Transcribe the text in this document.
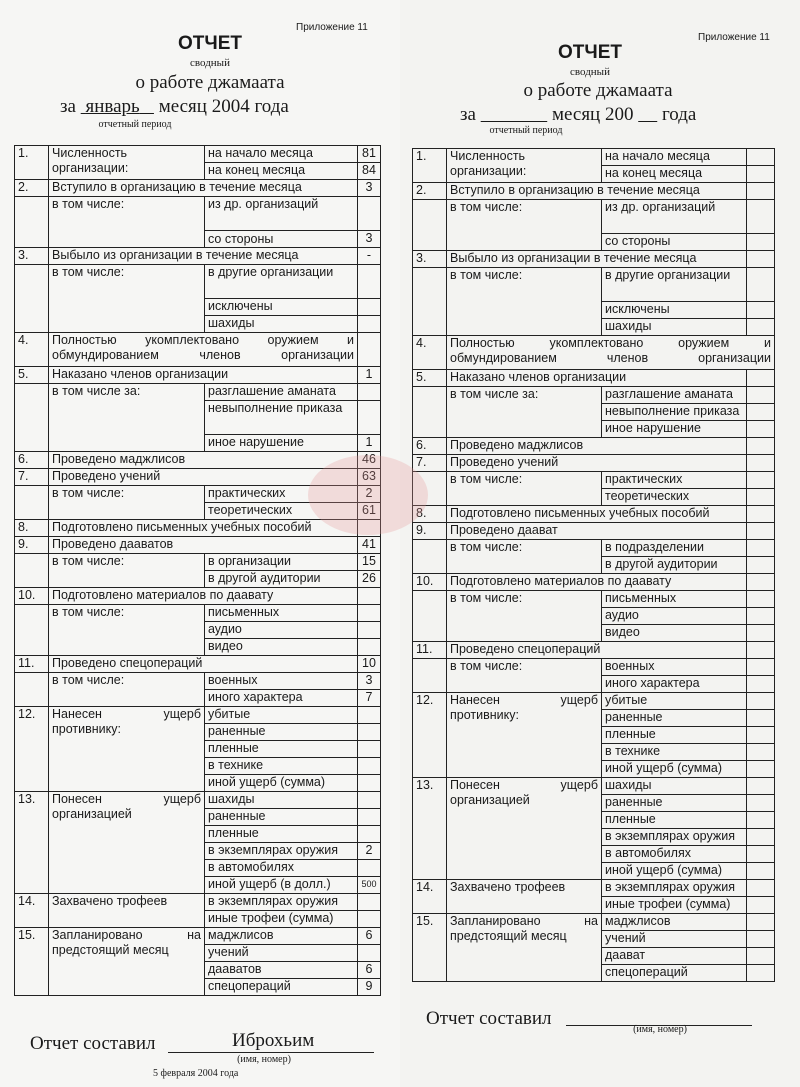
Приложение 11
ОТЧЕТ
сводный
о работе джамаата
за январь месяц 2004 года
отчетный период
1.	Численность организации:	на начало месяца	81
		на конец месяца	84
2.	Вступило в организацию в течение месяца		3
	в том числе:	из др. организаций	
		со стороны	3
3.	Выбыло из организации в течение месяца		-
	в том числе:	в другие организации	
		исключены	
		шахиды	
4.	Полностью укомплектовано оружием и обмундированием членов организации		
5.	Наказано членов организации		1
	в том числе за:	разглашение аманата	
		невыполнение приказа	
		иное нарушение	1
6.	Проведено маджлисов		46
7.	Проведено учений		63
	в том числе:	практических	2
		теоретических	61
8.	Подготовлено письменных учебных пособий		
9.	Проведено дааватов		41
	в том числе:	в организации	15
		в другой аудитории	26
10.	Подготовлено материалов по даавату		
	в том числе:	письменных	
		аудио	
		видео	
11.	Проведено спецопераций		10
	в том числе:	военных	3
		иного характера	7
12.	Нанесен ущерб
противнику:	убитые	
		раненные	
		пленные	
		в технике	
		иной ущерб (сумма)	
13.	Понесен ущерб
организацией	шахиды	
		раненные	
		пленные	
		в экземплярах оружия	2
		в автомобилях	
		иной ущерб (в долл.)	500
14.	Захвачено трофеев	в экземплярах оружия	
		иные трофеи (сумма)	
15.	Запланировано на
предстоящий месяц	маджлисов	6
		учений	
		дааватов	6
		спецопераций	9
Отчет составил	Иброхьим
(имя, номер)
5 февраля 2004 года
Приложение 11
ОТЧЕТ
сводный
о работе джамаата
за	месяц 200 года
отчетный период
1.	Численность организации:	на начало месяца	
		на конец месяца	
2.	Вступило в организацию в течение месяца		
	в том числе:	из др. организаций	
		со стороны	
3.	Выбыло из организации в течение месяца		
	в том числе:	в другие организации	
		исключены	
		шахиды	
4.	Полностью укомплектовано оружием и обмундированием членов организации		
5.	Наказано членов организации		
	в том числе за:	разглашение аманата	
		невыполнение приказа	
		иное нарушение	
6.	Проведено маджлисов		
7.	Проведено учений		
	в том числе:	практических	
		теоретических	
8.	Подготовлено письменных учебных пособий		
9.	Проведено даават		
	в том числе:	в подразделении	
		в другой аудитории	
10.	Подготовлено материалов по даавату		
	в том числе:	письменных	
		аудио	
		видео	
11.	Проведено спецопераций		
	в том числе:	военных	
		иного характера	
12.	Нанесен ущерб
противнику:	убитые	
		раненные	
		пленные	
		в технике	
		иной ущерб (сумма)	
13.	Понесен ущерб
организацией	шахиды	
		раненные	
		пленные	
		в экземплярах оружия	
		в автомобилях	
		иной ущерб (сумма)	
14.	Захвачено трофеев	в экземплярах оружия	
		иные трофеи (сумма)	
15.	Запланировано на
предстоящий месяц	маджлисов	
		учений	
		даават	
		спецопераций	
Отчет составил
(имя, номер)
